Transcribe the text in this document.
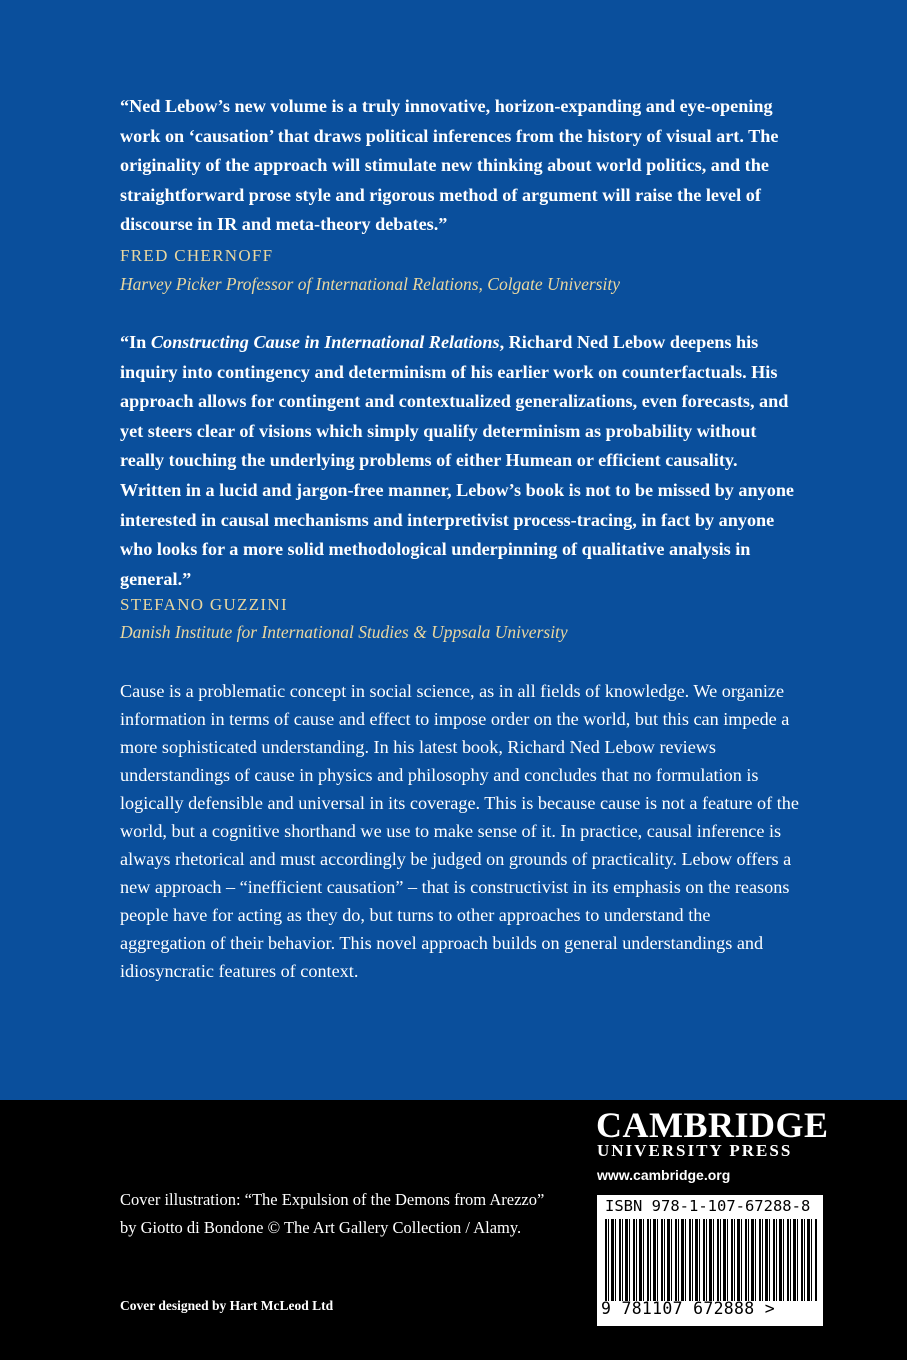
“Ned Lebow’s new volume is a truly innovative, horizon-expanding and eye-opening work on ‘causation’ that draws political inferences from the history of visual art. The originality of the approach will stimulate new thinking about world politics, and the straightforward prose style and rigorous method of argument will raise the level of discourse in IR and meta-theory debates.”

FRED CHERNOFF

Harvey Picker Professor of International Relations, Colgate University

“In Constructing Cause in International Relations, Richard Ned Lebow deepens his inquiry into contingency and determinism of his earlier work on counterfactuals. His approach allows for contingent and contextualized generalizations, even forecasts, and yet steers clear of visions which simply qualify determinism as probability without really touching the underlying problems of either Humean or efficient causality. Written in a lucid and jargon-free manner, Lebow’s book is not to be missed by anyone interested in causal mechanisms and interpretivist process-tracing, in fact by anyone who looks for a more solid methodological underpinning of qualitative analysis in general.”

STEFANO GUZZINI

Danish Institute for International Studies & Uppsala University

Cause is a problematic concept in social science, as in all fields of knowledge. We organize information in terms of cause and effect to impose order on the world, but this can impede a more sophisticated understanding. In his latest book, Richard Ned Lebow reviews understandings of cause in physics and philosophy and concludes that no formulation is logically defensible and universal in its coverage. This is because cause is not a feature of the world, but a cognitive shorthand we use to make sense of it. In practice, causal inference is always rhetorical and must accordingly be judged on grounds of practicality. Lebow offers a new approach – “inefficient causation” – that is constructivist in its emphasis on the reasons people have for acting as they do, but turns to other approaches to understand the aggregation of their behavior. This novel approach builds on general understandings and idiosyncratic features of context.

CAMBRIDGE

UNIVERSITY PRESS

www.cambridge.org

Cover illustration: “The Expulsion of the Demons from Arezzo” by Giotto di Bondone © The Art Gallery Collection / Alamy.

Cover designed by Hart McLeod Ltd

ISBN 978-1-107-67288-8

9 781107 672888 >
